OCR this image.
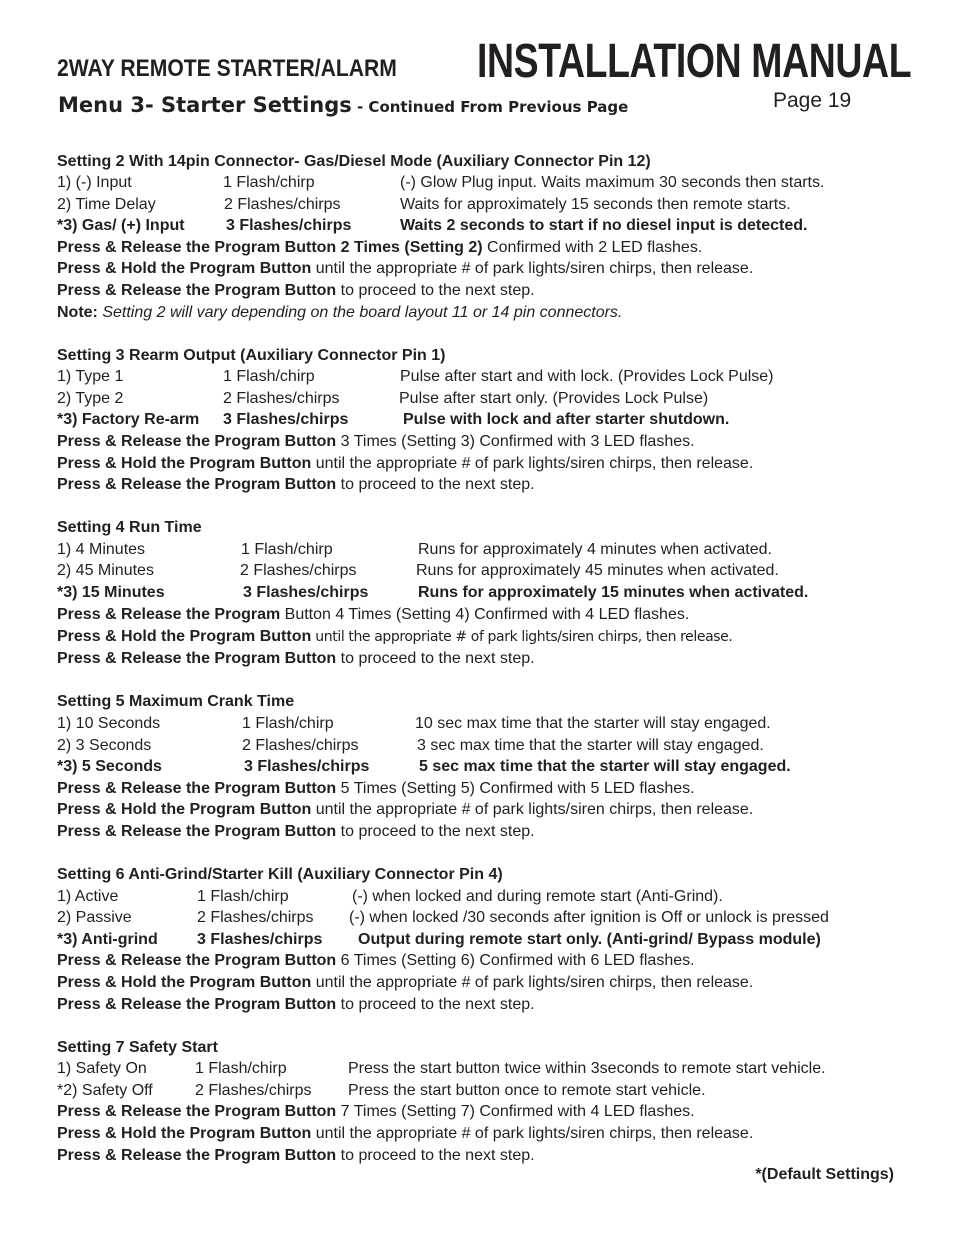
2WAY REMOTE STARTER/ALARM INSTALLATION MANUAL
Menu 3- Starter Settings - Continued From Previous Page	Page 19
Setting 2 With 14pin Connector- Gas/Diesel Mode (Auxiliary Connector Pin 12)
1) (-) Input	1 Flash/chirp	(-) Glow Plug input. Waits maximum 30 seconds then starts.
2) Time Delay	2 Flashes/chirps	Waits for approximately 15 seconds then remote starts.
*3) Gas/ (+) Input	3 Flashes/chirps	Waits 2 seconds to start if no diesel input is detected.
Press & Release the Program Button 2 Times (Setting 2) Confirmed with 2 LED flashes.
Press & Hold the Program Button until the appropriate # of park lights/siren chirps, then release.
Press & Release the Program Button to proceed to the next step.
Note: Setting 2 will vary depending on the board layout 11 or 14 pin connectors.
Setting 3 Rearm Output (Auxiliary Connector Pin 1)
1) Type 1	1 Flash/chirp	Pulse after start and with lock. (Provides Lock Pulse)
2) Type 2	2 Flashes/chirps	Pulse after start only. (Provides Lock Pulse)
*3) Factory Re-arm 3 Flashes/chirps	Pulse with lock and after starter shutdown.
Press & Release the Program Button 3 Times (Setting 3) Confirmed with 3 LED flashes.
Press & Hold the Program Button until the appropriate # of park lights/siren chirps, then release.
Press & Release the Program Button to proceed to the next step.
Setting 4 Run Time
1) 4 Minutes	1 Flash/chirp	Runs for approximately 4 minutes when activated.
2) 45 Minutes	2 Flashes/chirps	Runs for approximately 45 minutes when activated.
*3) 15 Minutes	3 Flashes/chirps	Runs for approximately 15 minutes when activated.
Press & Release the Program Button 4 Times (Setting 4) Confirmed with 4 LED flashes.
Press & Hold the Program Button until the appropriate # of park lights/siren chirps, then release.
Press & Release the Program Button to proceed to the next step.
Setting 5 Maximum Crank Time
1) 10 Seconds	1 Flash/chirp	10 sec max time that the starter will stay engaged.
2) 3 Seconds	2 Flashes/chirps	3 sec max time that the starter will stay engaged.
*3) 5 Seconds	3 Flashes/chirps	5 sec max time that the starter will stay engaged.
Press & Release the Program Button 5 Times (Setting 5) Confirmed with 5 LED flashes.
Press & Hold the Program Button until the appropriate # of park lights/siren chirps, then release.
Press & Release the Program Button to proceed to the next step.
Setting 6 Anti-Grind/Starter Kill (Auxiliary Connector Pin 4)
1) Active	1 Flash/chirp	(-) when locked and during remote start (Anti-Grind).
2) Passive	2 Flashes/chirps (-) when locked /30 seconds after ignition is Off or unlock is pressed
*3) Anti-grind 3 Flashes/chirps Output during remote start only. (Anti-grind/ Bypass module)
Press & Release the Program Button 6 Times (Setting 6) Confirmed with 6 LED flashes.
Press & Hold the Program Button until the appropriate # of park lights/siren chirps, then release.
Press & Release the Program Button to proceed to the next step.
Setting 7 Safety Start
1) Safety On	1 Flash/chirp	Press the start button twice within 3seconds to remote start vehicle.
*2) Safety Off	2 Flashes/chirps Press the start button once to remote start vehicle.
Press & Release the Program Button 7 Times (Setting 7) Confirmed with 4 LED flashes.
Press & Hold the Program Button until the appropriate # of park lights/siren chirps, then release.
Press & Release the Program Button to proceed to the next step.
*(Default Settings)
